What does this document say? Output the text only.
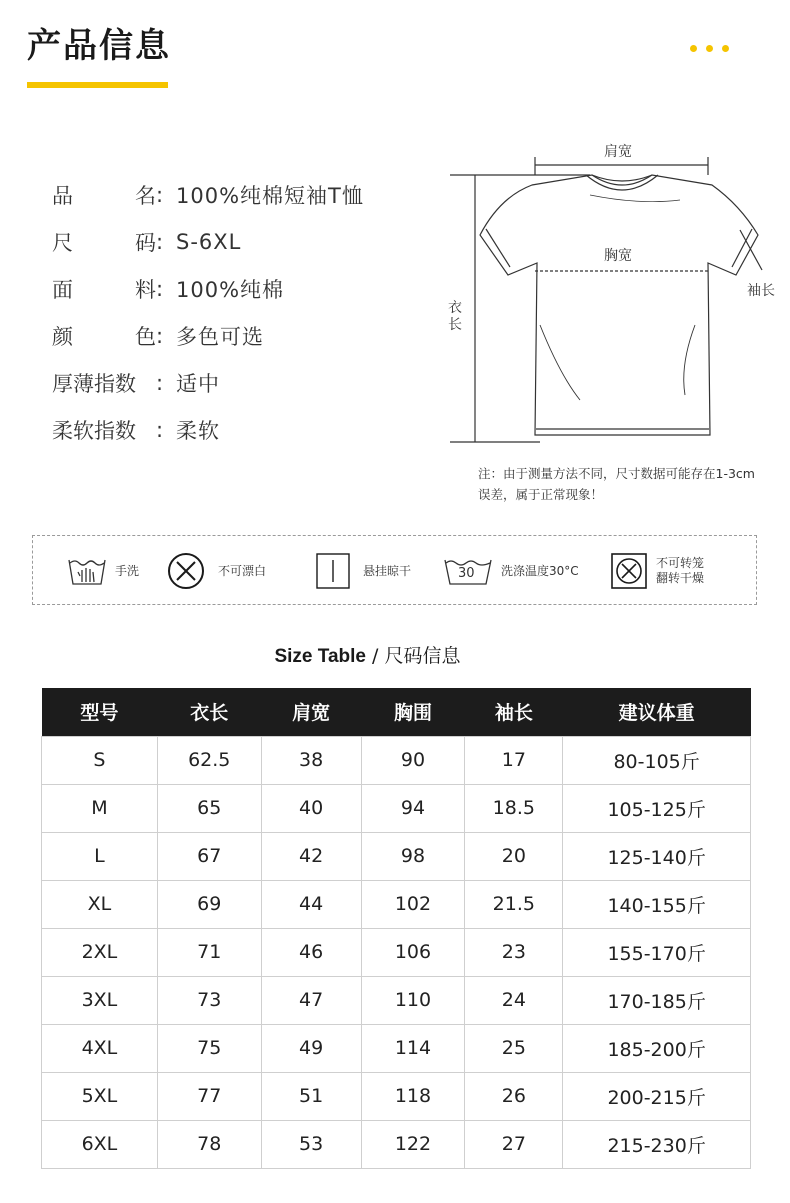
产品信息
品	名 : 100%纯棉短袖T恤
尺	码 : S-6XL
面	料 : 100%纯棉
颜	色 : 多色可选
厚薄指数 : 适中
柔软指数 : 柔软
肩宽
胸宽
袖长
衣长
注：由于测量方法不同，尺寸数据可能存在1-3cm 误差，属于正常现象！
手洗	不可漂白	悬挂晾干	30 洗涤温度30°C
不可转笼
翻转干燥
Size Table / 尺码信息
型号	衣长	肩宽	胸围	袖长	建议体重
S	62.5	38	90	17	80-105斤
M	65	40	94	18.5	105-125斤
L	67	42	98	20	125-140斤
XL	69	44	102	21.5	140-155斤
2XL	71	46	106	23	155-170斤
3XL	73	47	110	24	170-185斤
4XL	75	49	114	25	185-200斤
5XL	77	51	118	26	200-215斤
6XL	78	53	122	27	215-230斤
